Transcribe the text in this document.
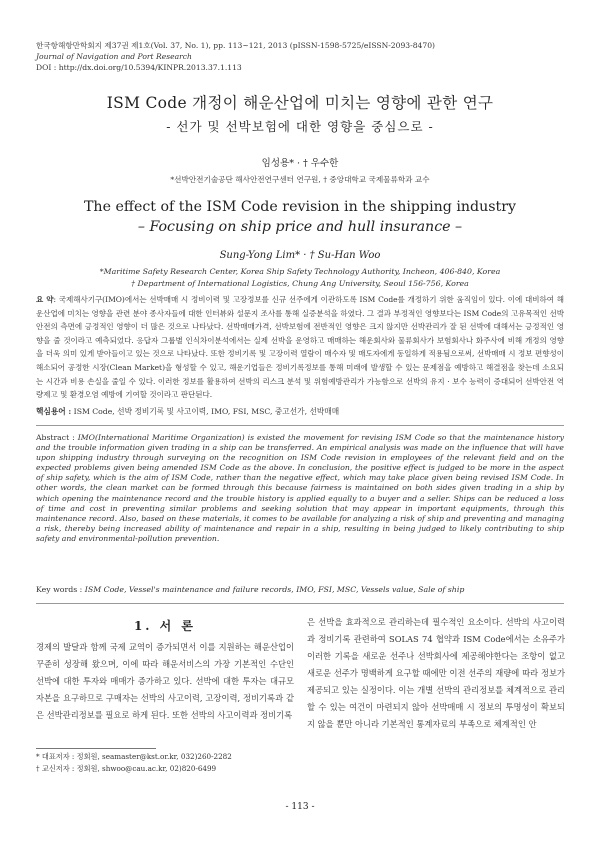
한국항해항만학회지 제37권 제1호(Vol. 37, No. 1), pp. 113~121, 2013 (pISSN-1598-5725/eISSN-2093-8470)
Journal of Navigation and Port Research
DOI : http://dx.doi.org/10.5394/KINPR.2013.37.1.113
ISM Code 개정이 해운산업에 미치는 영향에 관한 연구
- 선가 및 선박보험에 대한 영향을 중심으로 -
임성용* · † 우수한
*선박안전기술공단 해사안전연구센터 연구원, † 중앙대학교 국제물류학과 교수
The effect of the ISM Code revision in the shipping industry
– Focusing on ship price and hull insurance –
Sung-Yong Lim* · † Su-Han Woo
*Maritime Safety Research Center, Korea Ship Safety Technology Authority, Incheon, 406-840, Korea
† Department of International Logistics, Chung Ang University, Seoul 156-756, Korea

요 약: 국제해사기구(IMO)에서는 선박매매 시 정비이력 및 고장정보를 신규 선주에게 이관하도록 ISM Code를 개정하기 위한 움직임이 있다. 이에 대비하여 해운산업에 미치는 영향을 관련 분야 종사자들에 대한 인터뷰와 설문지 조사를 통해 실증분석을 하였다. 그 결과 부정적인 영향보다는 ISM Code의 고유목적인 선박안전의 측면에 긍정적인 영향이 더 많은 것으로 나타났다. 선박매매가격, 선박보험에 전반적인 영향은 크지 않지만 선박관리가 잘 된 선박에 대해서는 긍정적인 영향을 줄 것이라고 예측되었다. 응답자 그룹별 인식차이분석에서는 실제 선박을 운영하고 매매하는 해운회사와 물류회사가 보험회사나 화주사에 비해 개정의 영향을 더욱 의미 있게 받아들이고 있는 것으로 나타났다. 또한 정비기록 및 고장이력 열람이 매수자 및 매도자에게 동일하게 적용됨으로써, 선박매매 시 정보 편향성이 해소되어 공정한 시장(Clean Market)을 형성할 수 있고, 해운기업들은 정비기록정보를 통해 미래에 발생할 수 있는 문제점을 예방하고 해결점을 찾는데 소요되는 시간과 비용 손실을 줄일 수 있다. 이러한 정보를 활용하여 선박의 리스크 분석 및 위험예방관리가 가능함으로 선박의 유지 · 보수 능력이 증대되어 선박안전 역량제고 및 환경오염 예방에 기여할 것이라고 판단된다.

핵심용어 : ISM Code, 선박 정비기록 및 사고이력, IMO, FSI, MSC, 중고선가, 선박매매

Abstract : IMO(International Maritime Organization) is existed the movement for revising ISM Code so that the maintenance history and the trouble information given trading in a ship can be transferred. An empirical analysis was made on the influence that will have upon shipping industry through surveying on the recognition on ISM Code revision in employees of the relevant field and on the expected problems given being amended ISM Code as the above. In conclusion, the positive effect is judged to be more in the aspect of ship safety, which is the aim of ISM Code, rather than the negative effect, which may take place given being revised ISM Code. In other words, the clean market can be formed through this because fairness is maintained on both sides given trading in a ship by which opening the maintenance record and the trouble history is applied equally to a buyer and a seller. Ships can be reduced a loss of time and cost in preventing similar problems and seeking solution that may appear in important equipments, through this maintenance record. Also, based on these materials, it comes to be available for analyzing a risk of ship and preventing and managing a risk, thereby being increased ability of maintenance and repair in a ship, resulting in being judged to likely contributing to ship safety and environmental-pollution prevention.

Key words : ISM Code, Vessel's maintenance and failure records, IMO, FSI, MSC, Vessels value, Sale of ship

1. 서 론

경제의 발달과 함께 국제 교역이 증가되면서 이를 지원하는 해운산업이 꾸준히 성장해 왔으며, 이에 따라 해운서비스의 가장 기본적인 수단인 선박에 대한 투자와 매매가 증가하고 있다. 선박에 대한 투자는 대규모 자본을 요구하므로 구매자는 선박의 사고이력, 고장이력, 정비기록과 같은 선박관리정보를 필요로 하게 된다. 또한 선박의 사고이력과 정비기록

은 선박을 효과적으로 관리하는데 필수적인 요소이다. 선박의 사고이력과 정비기록 관련하여 SOLAS 74 협약과 ISM Code에서는 소유주가 이러한 기록을 새로운 선주나 선박회사에 제공해야한다는 조항이 없고 새로운 선주가 명백하게 요구할 때에만 이전 선주의 재량에 따라 정보가 제공되고 있는 실정이다. 이는 개별 선박의 관리정보를 체계적으로 관리할 수 있는 여건이 마련되지 않아 선박매매 시 정보의 투명성이 확보되지 않을 뿐만 아니라 기본적인 통계자료의 부족으로 체계적인 안

* 대표저자 : 정회원, seamaster@kst.or.kr, 032)260-2282
† 교신저자 : 정회원, shwoo@cau.ac.kr, 02)820-6499
- 113 -
